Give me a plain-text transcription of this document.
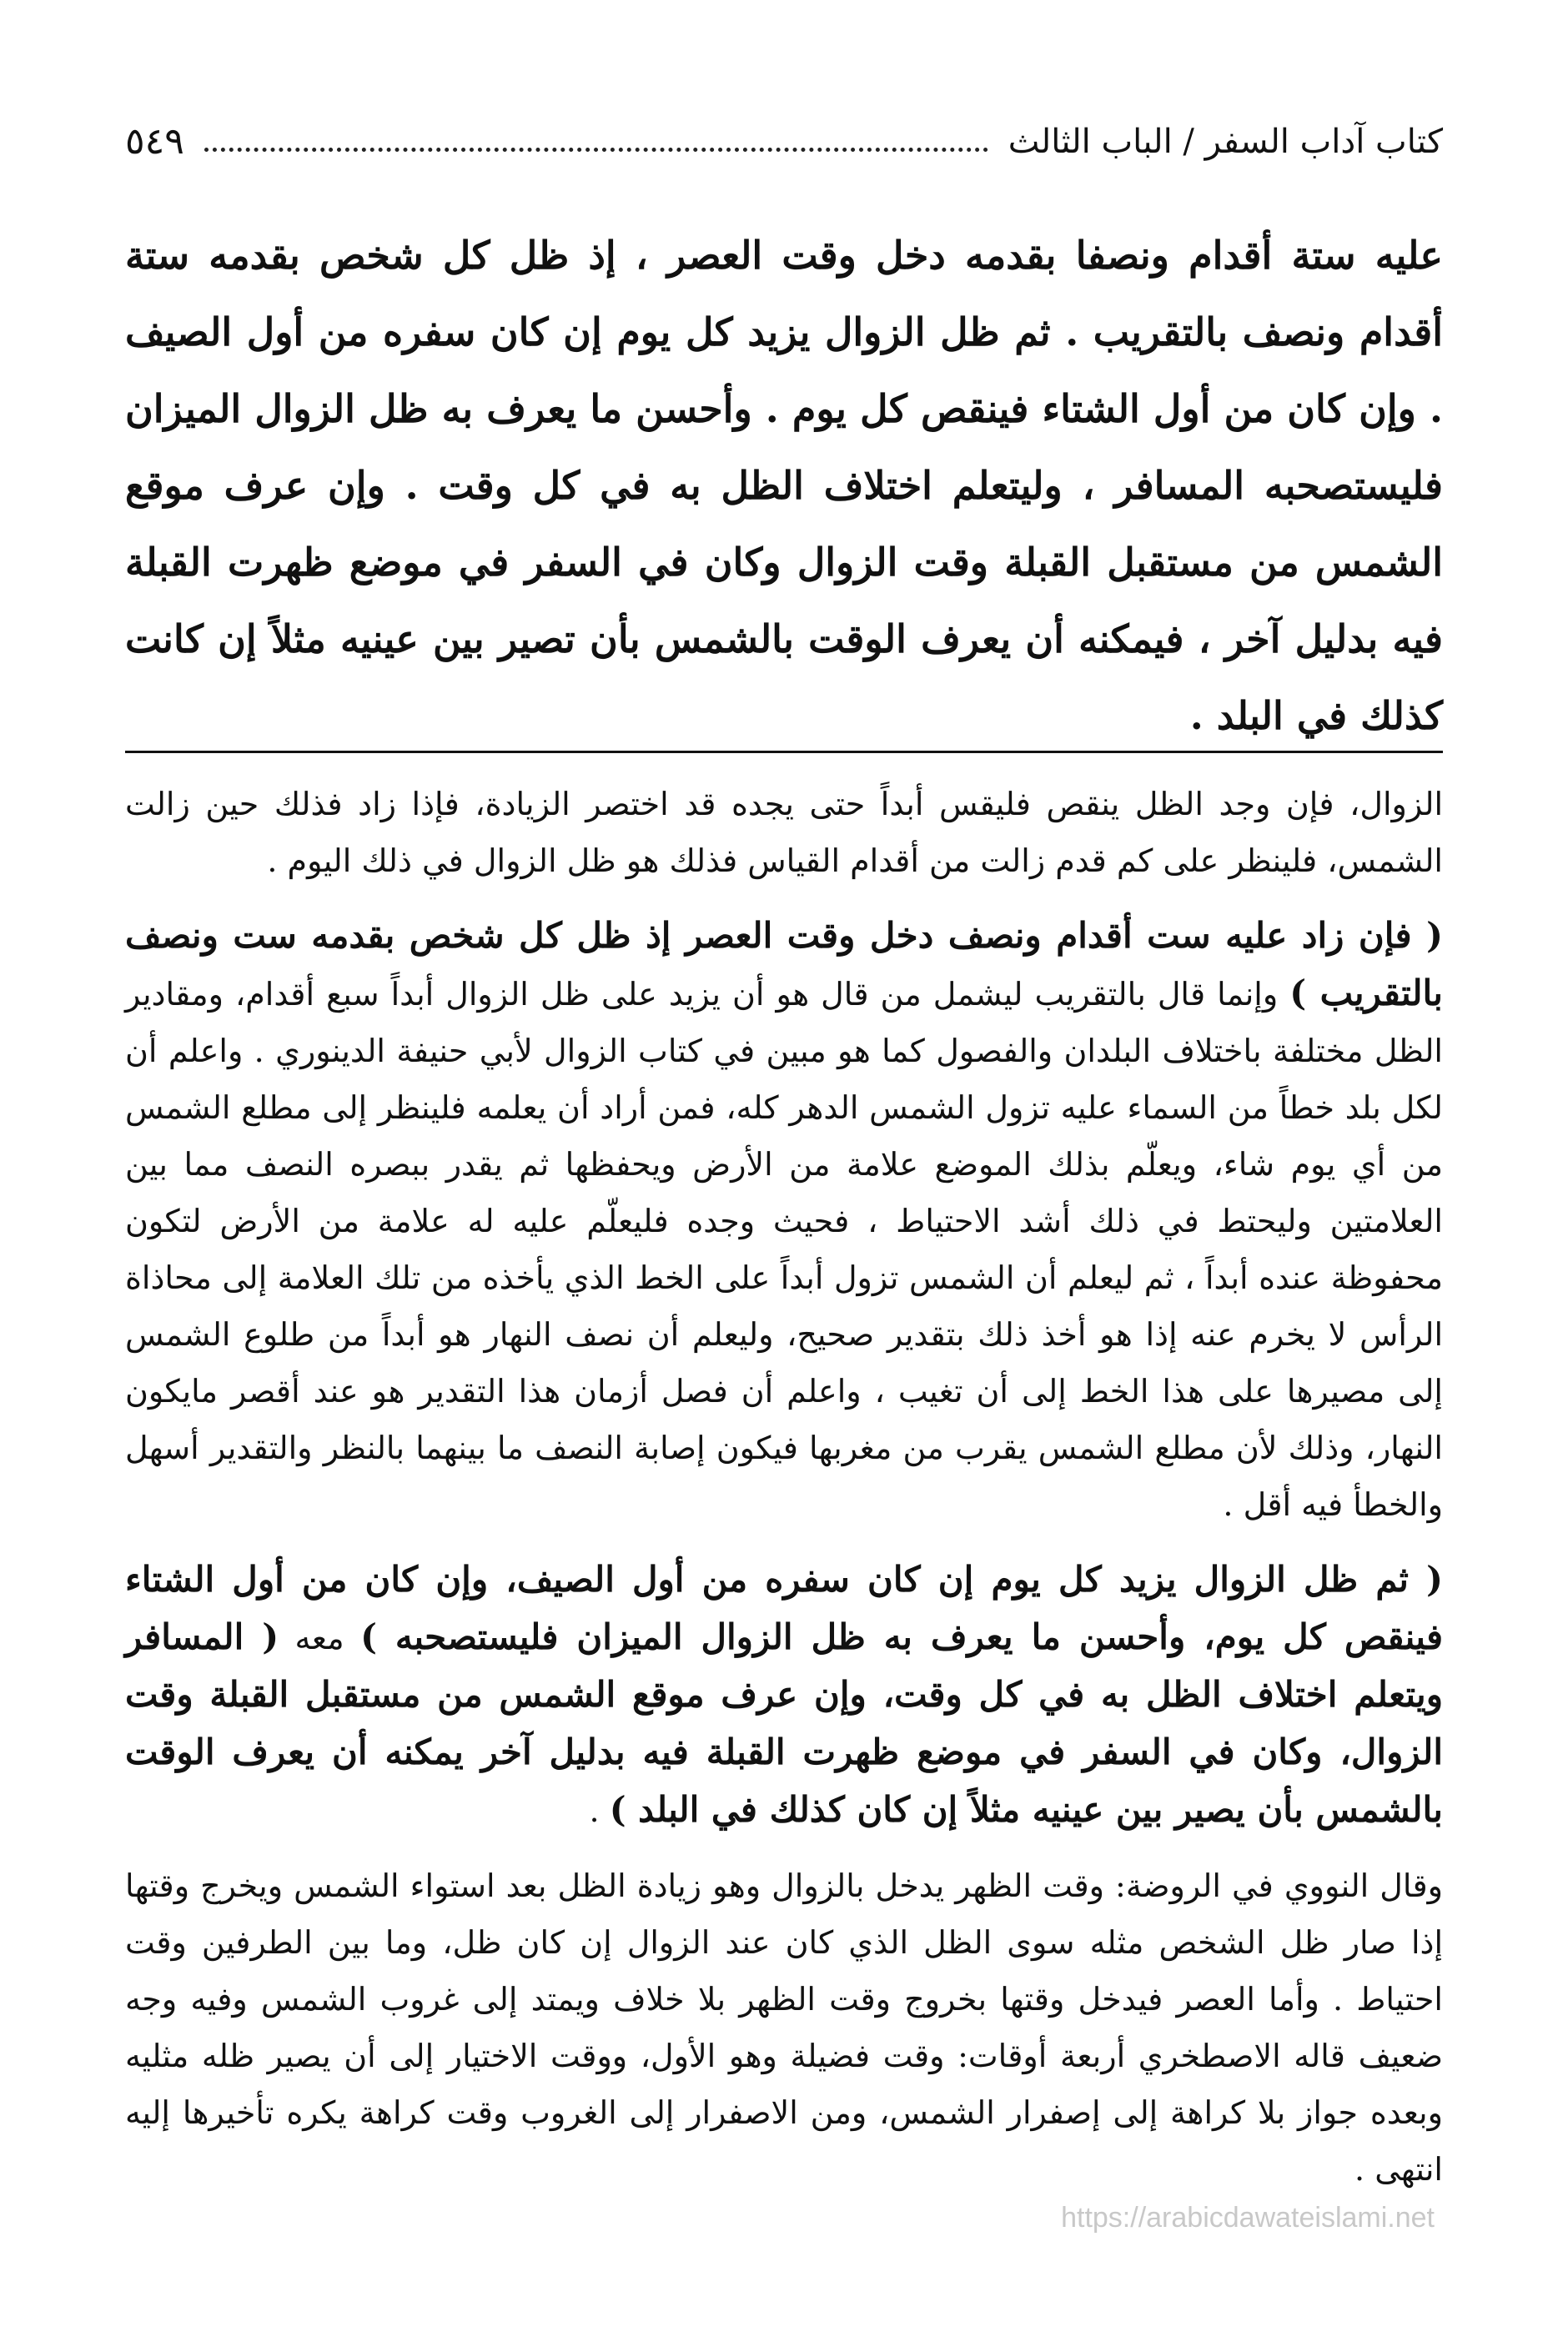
كتاب آداب السفر / الباب الثالث
٥٤٩
عليه ستة أقدام ونصفا بقدمه دخل وقت العصر ، إذ ظل كل شخص بقدمه ستة أقدام ونصف بالتقريب . ثم ظل الزوال يزيد كل يوم إن كان سفره من أول الصيف . وإن كان من أول الشتاء فينقص كل يوم . وأحسن ما يعرف به ظل الزوال الميزان فليستصحبه المسافر ، وليتعلم اختلاف الظل به في كل وقت . وإن عرف موقع الشمس من مستقبل القبلة وقت الزوال وكان في السفر في موضع ظهرت القبلة فيه بدليل آخر ، فيمكنه أن يعرف الوقت بالشمس بأن تصير بين عينيه مثلاً إن كانت كذلك في البلد .

الزوال، فإن وجد الظل ينقص فليقس أبداً حتى يجده قد اختصر الزيادة، فإذا زاد فذلك حين زالت الشمس، فلينظر على كم قدم زالت من أقدام القياس فذلك هو ظل الزوال في ذلك اليوم .

( فإن زاد عليه ست أقدام ونصف دخل وقت العصر إذ ظل كل شخص بقدمه ست ونصف بالتقريب ) وإنما قال بالتقريب ليشمل من قال هو أن يزيد على ظل الزوال أبداً سبع أقدام، ومقادير الظل مختلفة باختلاف البلدان والفصول كما هو مبين في كتاب الزوال لأبي حنيفة الدينوري . واعلم أن لكل بلد خطاً من السماء عليه تزول الشمس الدهر كله، فمن أراد أن يعلمه فلينظر إلى مطلع الشمس من أي يوم شاء، ويعلّم بذلك الموضع علامة من الأرض ويحفظها ثم يقدر ببصره النصف مما بين العلامتين وليحتط في ذلك أشد الاحتياط ، فحيث وجده فليعلّم عليه له علامة من الأرض لتكون محفوظة عنده أبداً ، ثم ليعلم أن الشمس تزول أبداً على الخط الذي يأخذه من تلك العلامة إلى محاذاة الرأس لا يخرم عنه إذا هو أخذ ذلك بتقدير صحيح، وليعلم أن نصف النهار هو أبداً من طلوع الشمس إلى مصيرها على هذا الخط إلى أن تغيب ، واعلم أن فصل أزمان هذا التقدير هو عند أقصر مايكون النهار، وذلك لأن مطلع الشمس يقرب من مغربها فيكون إصابة النصف ما بينهما بالنظر والتقدير أسهل والخطأ فيه أقل .

( ثم ظل الزوال يزيد كل يوم إن كان سفره من أول الصيف، وإن كان من أول الشتاء فينقص كل يوم، وأحسن ما يعرف به ظل الزوال الميزان فليستصحبه ) معه ( المسافر ويتعلم اختلاف الظل به في كل وقت، وإن عرف موقع الشمس من مستقبل القبلة وقت الزوال، وكان في السفر في موضع ظهرت القبلة فيه بدليل آخر يمكنه أن يعرف الوقت بالشمس بأن يصير بين عينيه مثلاً إن كان كذلك في البلد ) .

وقال النووي في الروضة: وقت الظهر يدخل بالزوال وهو زيادة الظل بعد استواء الشمس ويخرج وقتها إذا صار ظل الشخص مثله سوى الظل الذي كان عند الزوال إن كان ظل، وما بين الطرفين وقت احتياط . وأما العصر فيدخل وقتها بخروج وقت الظهر بلا خلاف ويمتد إلى غروب الشمس وفيه وجه ضعيف قاله الاصطخري أربعة أوقات: وقت فضيلة وهو الأول، ووقت الاختيار إلى أن يصير ظله مثليه وبعده جواز بلا كراهة إلى إصفرار الشمس، ومن الاصفرار إلى الغروب وقت كراهة يكره تأخيرها إليه انتهى .

https://arabicdawateislami.net
